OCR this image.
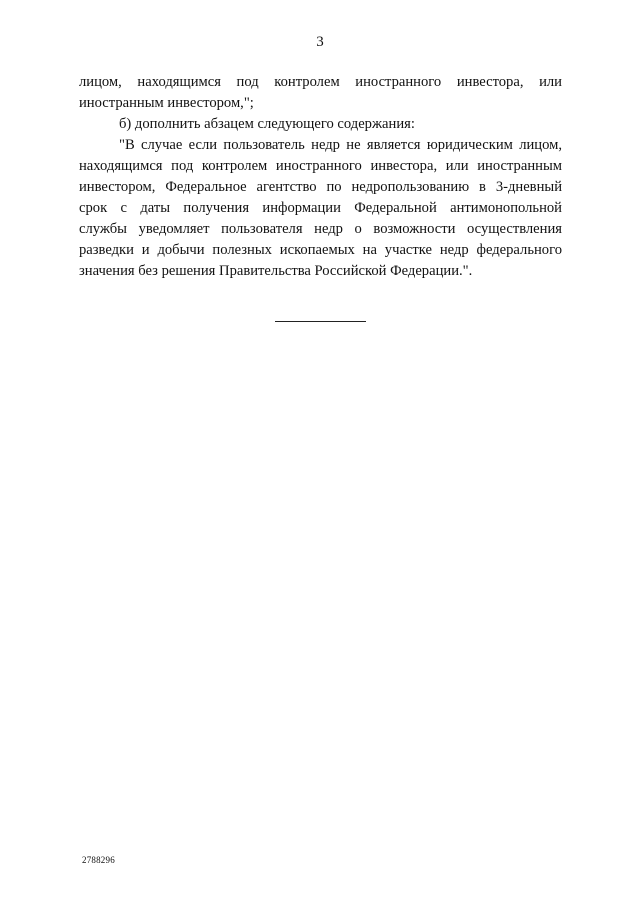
3
лицом, находящимся под контролем иностранного инвестора, или
иностранным инвестором,";
б) дополнить абзацем следующего содержания:
"В случае если пользователь недр не является юридическим лицом,
находящимся под контролем иностранного инвестора, или иностранным
инвестором, Федеральное агентство по недропользованию в 3-дневный
срок с даты получения информации Федеральной антимонопольной
службы уведомляет пользователя недр о возможности осуществления
разведки и добычи полезных ископаемых на участке недр федерального
значения без решения Правительства Российской Федерации.".
2788296
